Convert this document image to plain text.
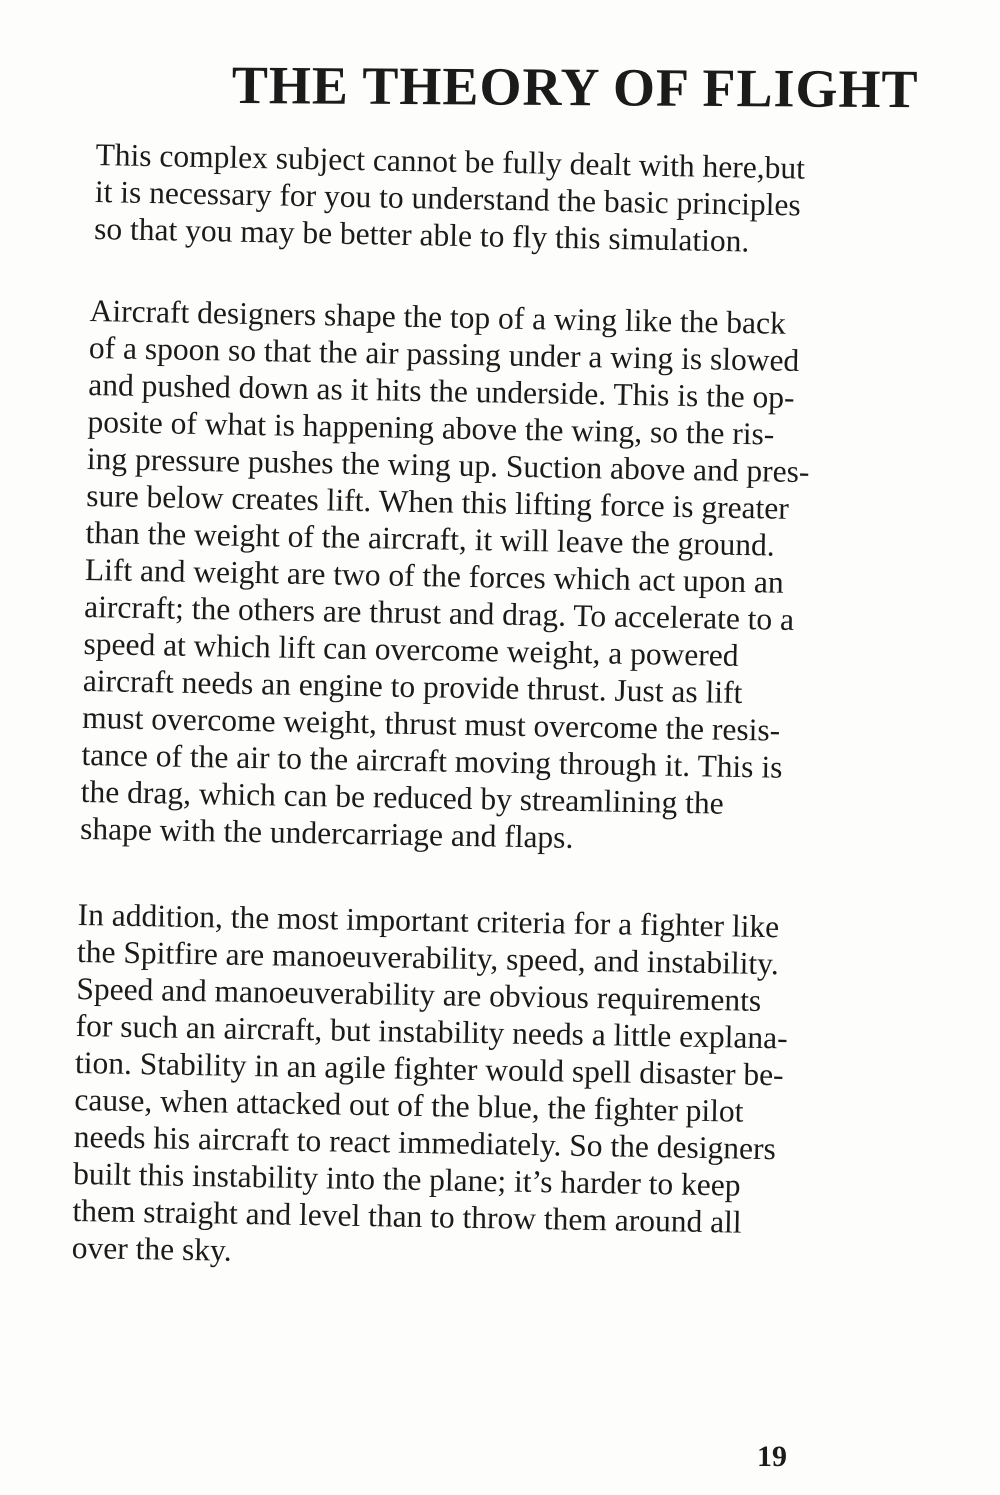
THE THEORY OF FLIGHT

This complex subject cannot be fully dealt with here,but
it is necessary for you to understand the basic principles
so that you may be better able to fly this simulation.

Aircraft designers shape the top of a wing like the back
of a spoon so that the air passing under a wing is slowed
and pushed down as it hits the underside. This is the op-
posite of what is happening above the wing, so the ris-
ing pressure pushes the wing up. Suction above and pres-
sure below creates lift. When this lifting force is greater
than the weight of the aircraft, it will leave the ground.
Lift and weight are two of the forces which act upon an
aircraft; the others are thrust and drag. To accelerate to a
speed at which lift can overcome weight, a powered
aircraft needs an engine to provide thrust. Just as lift
must overcome weight, thrust must overcome the resis-
tance of the air to the aircraft moving through it. This is
the drag, which can be reduced by streamlining the
shape with the undercarriage and flaps.

In addition, the most important criteria for a fighter like
the Spitfire are manoeuverability, speed, and instability.
Speed and manoeuverability are obvious requirements
for such an aircraft, but instability needs a little explana-
tion. Stability in an agile fighter would spell disaster be-
cause, when attacked out of the blue, the fighter pilot
needs his aircraft to react immediately. So the designers
built this instability into the plane; it’s harder to keep
them straight and level than to throw them around all
over the sky.

19
